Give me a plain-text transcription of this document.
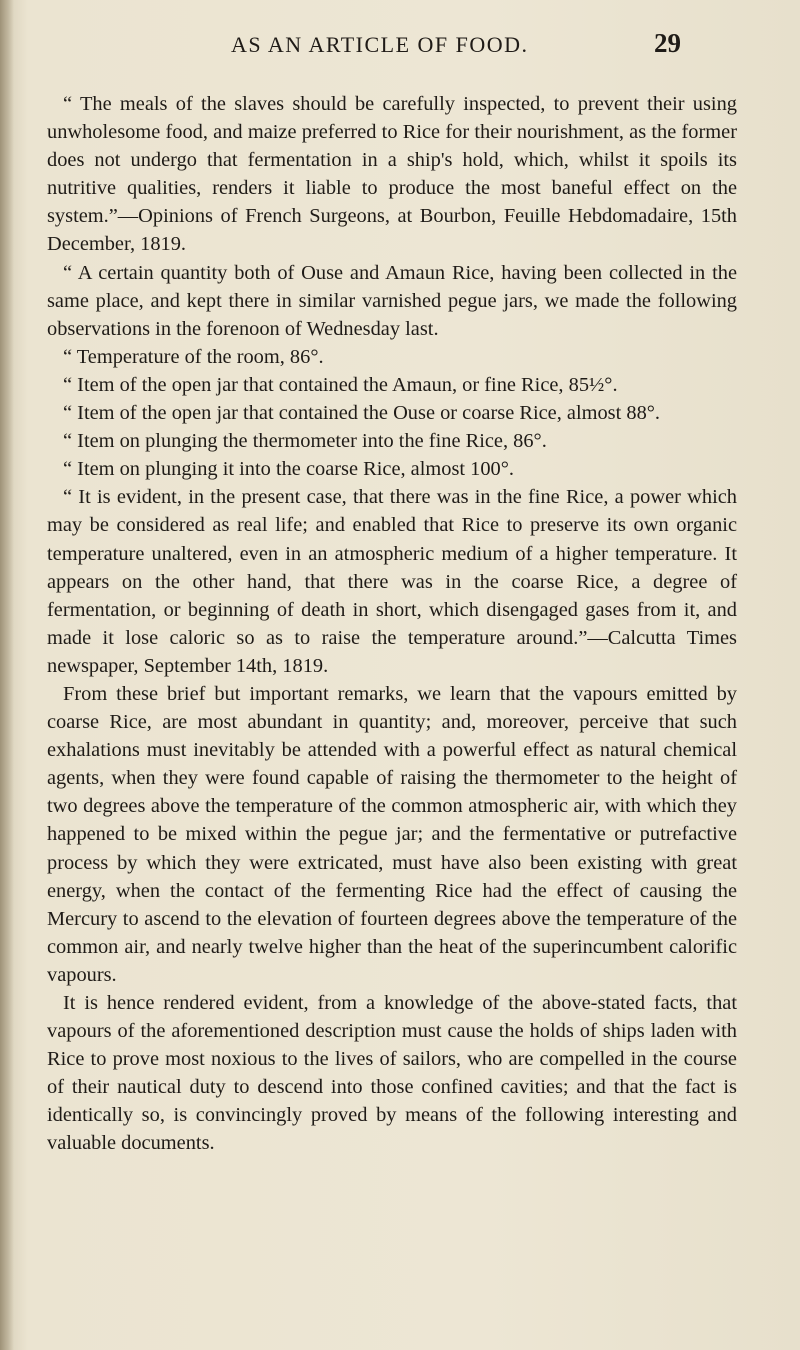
AS AN ARTICLE OF FOOD.	29

“ The meals of the slaves should be carefully inspected, to prevent their using unwholesome food, and maize preferred to Rice for their nourishment, as the former does not undergo that fermentation in a ship's hold, which, whilst it spoils its nutritive qualities, renders it liable to produce the most baneful effect on the system.”—Opinions of French Surgeons, at Bourbon, Feuille Hebdomadaire, 15th December, 1819.

“ A certain quantity both of Ouse and Amaun Rice, having been collected in the same place, and kept there in similar varnished pegue jars, we made the following observations in the forenoon of Wednesday last.

“ Temperature of the room, 86°.

“ Item of the open jar that contained the Amaun, or fine Rice, 85½°.

“ Item of the open jar that contained the Ouse or coarse Rice, almost 88°.

“ Item on plunging the thermometer into the fine Rice, 86°.

“ Item on plunging it into the coarse Rice, almost 100°.

“ It is evident, in the present case, that there was in the fine Rice, a power which may be considered as real life; and enabled that Rice to preserve its own organic temperature unaltered, even in an atmospheric medium of a higher temperature. It appears on the other hand, that there was in the coarse Rice, a degree of fermentation, or beginning of death in short, which disengaged gases from it, and made it lose caloric so as to raise the temperature around.”—Calcutta Times newspaper, September 14th, 1819.

From these brief but important remarks, we learn that the vapours emitted by coarse Rice, are most abundant in quantity; and, moreover, perceive that such exhalations must inevitably be attended with a powerful effect as natural chemical agents, when they were found capable of raising the thermometer to the height of two degrees above the temperature of the common atmospheric air, with which they happened to be mixed within the pegue jar; and the fermentative or putrefactive process by which they were extricated, must have also been existing with great energy, when the contact of the fermenting Rice had the effect of causing the Mercury to ascend to the elevation of fourteen degrees above the temperature of the common air, and nearly twelve higher than the heat of the superincumbent calorific vapours.

It is hence rendered evident, from a knowledge of the above-stated facts, that vapours of the aforementioned description must cause the holds of ships laden with Rice to prove most noxious to the lives of sailors, who are compelled in the course of their nautical duty to descend into those confined cavities; and that the fact is identically so, is convincingly proved by means of the following interesting and valuable documents.
